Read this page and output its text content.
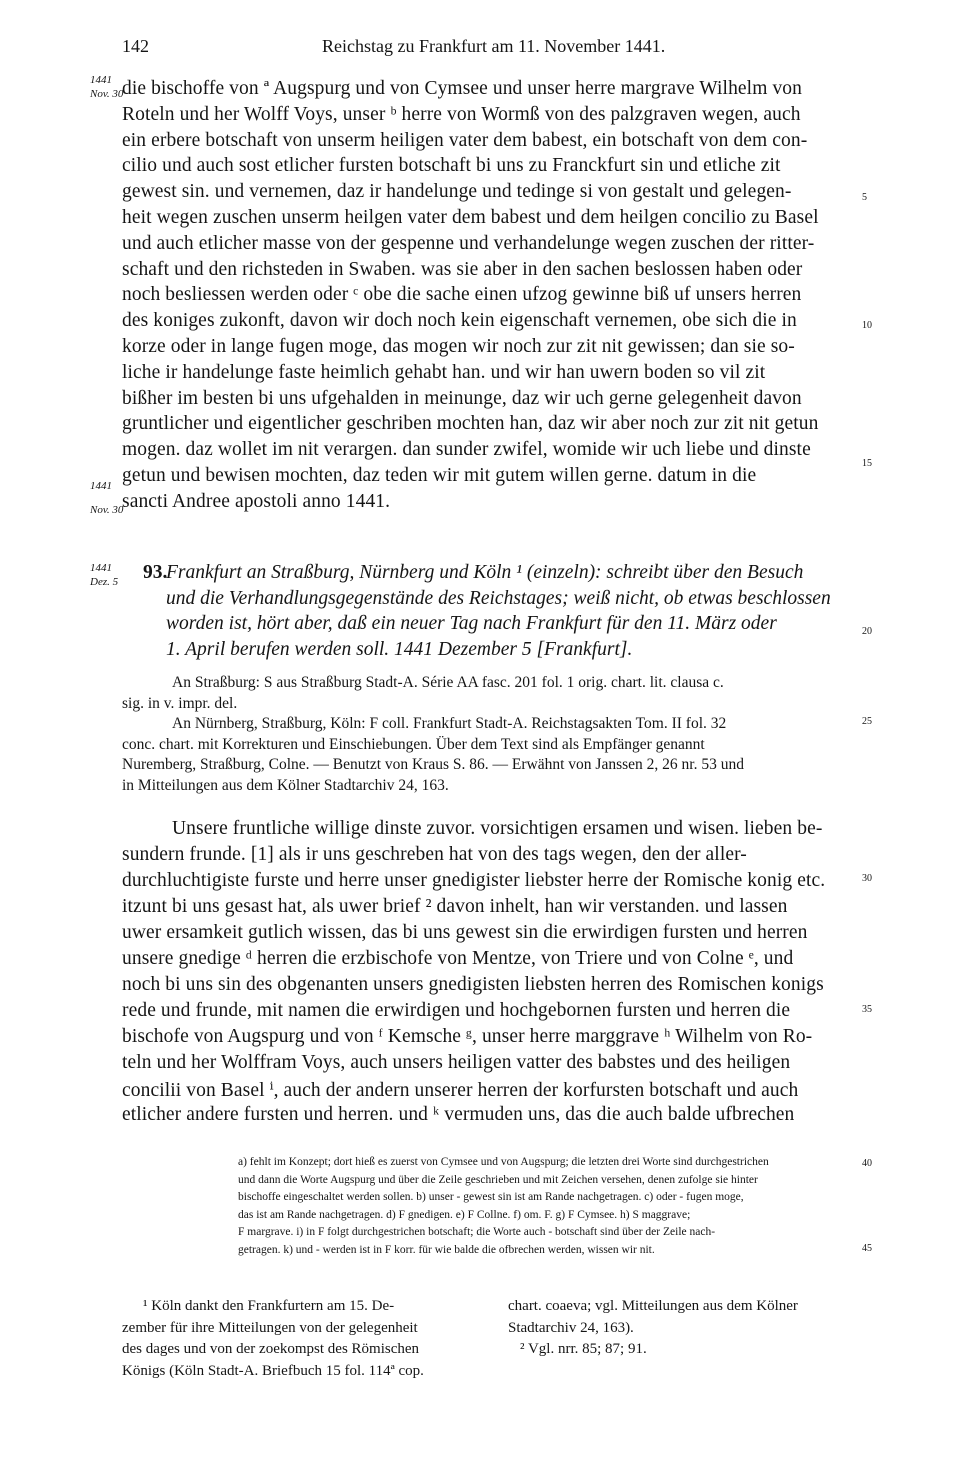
142	Reichstag zu Frankfurt am 11. November 1441.
1441
Nov. 30
1441
Nov. 30
1441
Dez. 5
5
10
15
20
25
30
35
40
45
die bischoffe von ª Augspurg und von Cymsee und unser herre margrave Wilhelm von
Roteln und her Wolff Voys, unser ᵇ herre von Wormß von des palzgraven wegen, auch
ein erbere botschaft von unserm heiligen vater dem babest, ein botschaft von dem con-
cilio und auch sost etlicher fursten botschaft bi uns zu Franckfurt sin und etliche zit
gewest sin. und vernemen, daz ir handelunge und tedinge si von gestalt und gelegen-
heit wegen zuschen unserm heilgen vater dem babest und dem heilgen concilio zu Basel
und auch etlicher masse von der gespenne und verhandelunge wegen zuschen der ritter-
schaft und den richsteden in Swaben. was sie aber in den sachen beslossen haben oder
noch besliessen werden oder ᶜ obe die sache einen ufzog gewinne biß uf unsers herren
des koniges zukonft, davon wir doch noch kein eigenschaft vernemen, obe sich die in
korze oder in lange fugen moge, das mogen wir noch zur zit nit gewissen; dan sie so-
liche ir handelunge faste heimlich gehabt han. und wir han uwern boden so vil zit
bißher im besten bi uns ufgehalden in meinunge, daz wir uch gerne gelegenheit davon
gruntlicher und eigentlicher geschriben mochten han, daz wir aber noch zur zit nit getun
mogen. daz wollet im nit verargen. dan sunder zwifel, womide wir uch liebe und dinste
getun und bewisen mochten, daz teden wir mit gutem willen gerne. datum in die
sancti Andree apostoli anno 1441.
93.
Frankfurt an Straßburg, Nürnberg und Köln ¹ (einzeln): schreibt über den Besuch
und die Verhandlungsgegenstände des Reichstages; weiß nicht, ob etwas beschlossen
worden ist, hört aber, daß ein neuer Tag nach Frankfurt für den 11. März oder
1. April berufen werden soll. 1441 Dezember 5 [Frankfurt].
An Straßburg: S aus Straßburg Stadt-A. Série AA fasc. 201 fol. 1 orig. chart. lit. clausa c.
sig. in v. impr. del.
An Nürnberg, Straßburg, Köln: F coll. Frankfurt Stadt-A. Reichstagsakten Tom. II fol. 32
conc. chart. mit Korrekturen und Einschiebungen. Über dem Text sind als Empfänger genannt
Nuremberg, Straßburg, Colne. — Benutzt von Kraus S. 86. — Erwähnt von Janssen 2, 26 nr. 53 und
in Mitteilungen aus dem Kölner Stadtarchiv 24, 163.
Unsere fruntliche willige dinste zuvor. vorsichtigen ersamen und wisen. lieben be-
sundern frunde. [1] als ir uns geschreben hat von des tags wegen, den der aller-
durchluchtigiste furste und herre unser gnedigister liebster herre der Romische konig etc.
itzunt bi uns gesast hat, als uwer brief ² davon inhelt, han wir verstanden. und lassen
uwer ersamkeit gutlich wissen, das bi uns gewest sin die erwirdigen fursten und herren
unsere gnedige ᵈ herren die erzbischofe von Mentze, von Triere und von Colne ᵉ, und
noch bi uns sin des obgenanten unsers gnedigisten liebsten herren des Romischen konigs
rede und frunde, mit namen die erwirdigen und hochgebornen fursten und herren die
bischofe von Augspurg und von ᶠ Kemsche ᵍ, unser herre marggrave ʰ Wilhelm von Ro-
teln und her Wolffram Voys, auch unsers heiligen vatter des babstes und des heiligen
concilii von Basel ⁱ, auch der andern unserer herren der korfursten botschaft und auch
etlicher andere fursten und herren. und ᵏ vermuden uns, das die auch balde ufbrechen
a) fehlt im Konzept; dort hieß es zuerst von Cymsee und von Augspurg; die letzten drei Worte sind durchgestrichen
und dann die Worte Augspurg und über die Zeile geschrieben und mit Zeichen versehen, denen zufolge sie hinter
bischoffe eingeschaltet werden sollen. b) unser - gewest sin ist am Rande nachgetragen. c) oder - fugen moge,
das ist am Rande nachgetragen. d) F gnedigen. e) F Collne. f) om. F. g) F Cymsee. h) S maggrave;
F margrave. i) in F folgt durchgestrichen botschaft; die Worte auch - botschaft sind über der Zeile nach-
getragen. k) und - werden ist in F korr. für wie balde die ofbrechen werden, wissen wir nit.
¹ Köln dankt den Frankfurtern am 15. De-
zember für ihre Mitteilungen von der gelegenheit
des dages und von der zoekompst des Römischen
Königs (Köln Stadt-A. Briefbuch 15 fol. 114ª cop.
chart. coaeva; vgl. Mitteilungen aus dem Kölner
Stadtarchiv 24, 163).
² Vgl. nrr. 85; 87; 91.
